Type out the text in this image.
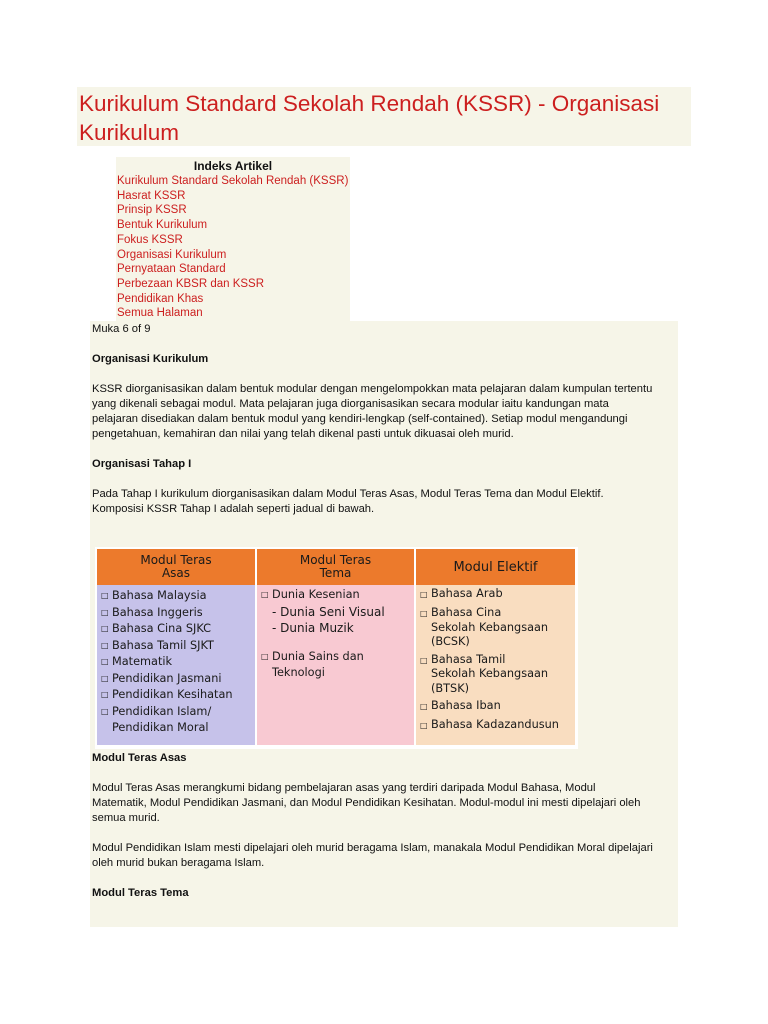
Kurikulum Standard Sekolah Rendah (KSSR) - Organisasi Kurikulum
Indeks Artikel
Kurikulum Standard Sekolah Rendah (KSSR)
Hasrat KSSR
Prinsip KSSR
Bentuk Kurikulum
Fokus KSSR
Organisasi Kurikulum
Pernyataan Standard
Perbezaan KBSR dan KSSR
Pendidikan Khas
Semua Halaman

Muka 6 of 9

Organisasi Kurikulum

KSSR diorganisasikan dalam bentuk modular dengan mengelompokkan mata pelajaran dalam kumpulan tertentu

yang dikenali sebagai modul. Mata pelajaran juga diorganisasikan secara modular iaitu kandungan mata

pelajaran disediakan dalam bentuk modul yang kendiri-lengkap (self-contained). Setiap modul mengandungi

pengetahuan, kemahiran dan nilai yang telah dikenal pasti untuk dikuasai oleh murid.

Organisasi Tahap I

Pada Tahap I kurikulum diorganisasikan dalam Modul Teras Asas, Modul Teras Tema dan Modul Elektif.

Komposisi KSSR Tahap I adalah seperti jadual di bawah.

Modul Teras Asas

Modul Teras Asas merangkumi bidang pembelajaran asas yang terdiri daripada Modul Bahasa, Modul

Matematik, Modul Pendidikan Jasmani, dan Modul Pendidikan Kesihatan. Modul-modul ini mesti dipelajari oleh

semua murid.

Modul Pendidikan Islam mesti dipelajari oleh murid beragama Islam, manakala Modul Pendidikan Moral dipelajari

oleh murid bukan beragama Islam.

Modul Teras Tema

Modul Teras
Asas
□ Bahasa Malaysia
□ Bahasa Inggeris
□ Bahasa Cina SJKC
□ Bahasa Tamil SJKT
□ Matematik
□ Pendidikan Jasmani
□ Pendidikan Kesihatan
□ Pendidikan Islam/
Pendidikan Moral
Modul Teras
Tema
□ Dunia Kesenian
- Dunia Seni Visual
- Dunia Muzik
□ Dunia Sains dan
Teknologi
Modul Elektif
□ Bahasa Arab
□ Bahasa Cina
Sekolah Kebangsaan
(BCSK)
□ Bahasa Tamil
Sekolah Kebangsaan
(BTSK)
□ Bahasa Iban
□ Bahasa Kadazandusun
